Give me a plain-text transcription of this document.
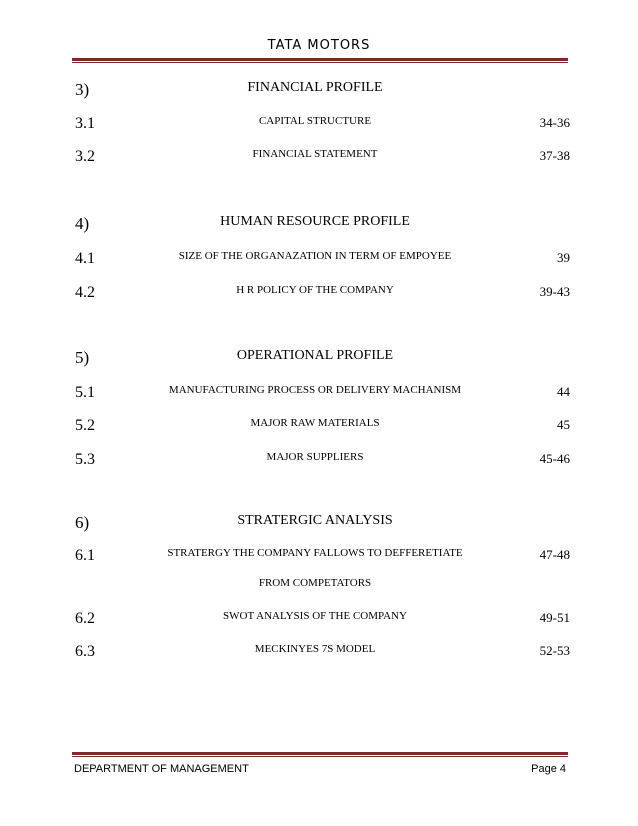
TATA MOTORS
3)	FINANCIAL PROFILE
3.1	CAPITAL STRUCTURE	34-36
3.2	FINANCIAL STATEMENT	37-38
4)	HUMAN RESOURCE PROFILE
4.1	SIZE OF THE ORGANAZATION IN TERM OF EMPOYEE	39
4.2	H R POLICY OF THE COMPANY	39-43
5)	OPERATIONAL PROFILE
5.1	MANUFACTURING PROCESS OR DELIVERY MACHANISM	44
5.2	MAJOR RAW MATERIALS	45
5.3	MAJOR SUPPLIERS	45-46
6)	STRATERGIC ANALYSIS
6.1	STRATERGY THE COMPANY FALLOWS TO DEFFERETIATE	47-48
FROM COMPETATORS
6.2	SWOT ANALYSIS OF THE COMPANY	49-51
6.3	MECKINYES 7S MODEL	52-53
DEPARTMENT OF MANAGEMENT	Page 4
